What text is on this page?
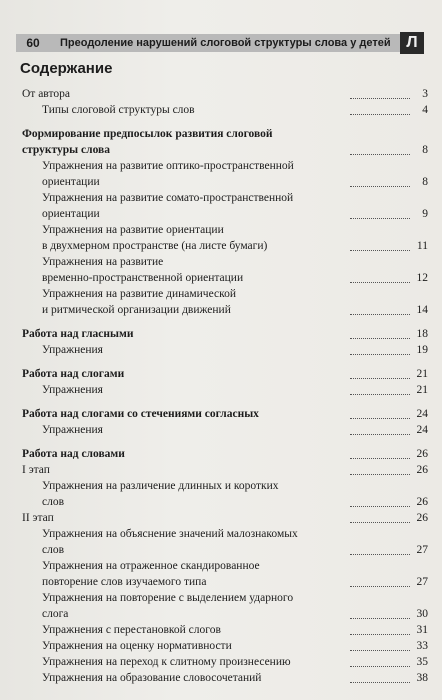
60	Преодоление нарушений слоговой структуры слова у детей Л
Содержание
От автора	3
Типы слоговой структуры слов	4
Формирование предпосылок развития слоговой
структуры слова	8
Упражнения на развитие оптико-пространственной
ориентации	8
Упражнения на развитие сомато-пространственной
ориентации	9
Упражнения на развитие ориентации
в двухмерном пространстве (на листе бумаги)	11
Упражнения на развитие
временно-пространственной ориентации	12
Упражнения на развитие динамической
и ритмической организации движений	14
Работа над гласными	18
Упражнения	19
Работа над слогами	21
Упражнения	21
Работа над слогами со стечениями согласных	24
Упражнения	24
Работа над словами	26
I этап	26
Упражнения на различение длинных и коротких
слов	26
II этап	26
Упражнения на объяснение значений малознакомых
слов	27
Упражнения на отраженное скандированное
повторение слов изучаемого типа	27
Упражнения на повторение с выделением ударного
слога	30
Упражнения с перестановкой слогов	31
Упражнения на оценку нормативности	33
Упражнения на переход к слитному произнесению	35
Упражнения на образование словосочетаний	38
